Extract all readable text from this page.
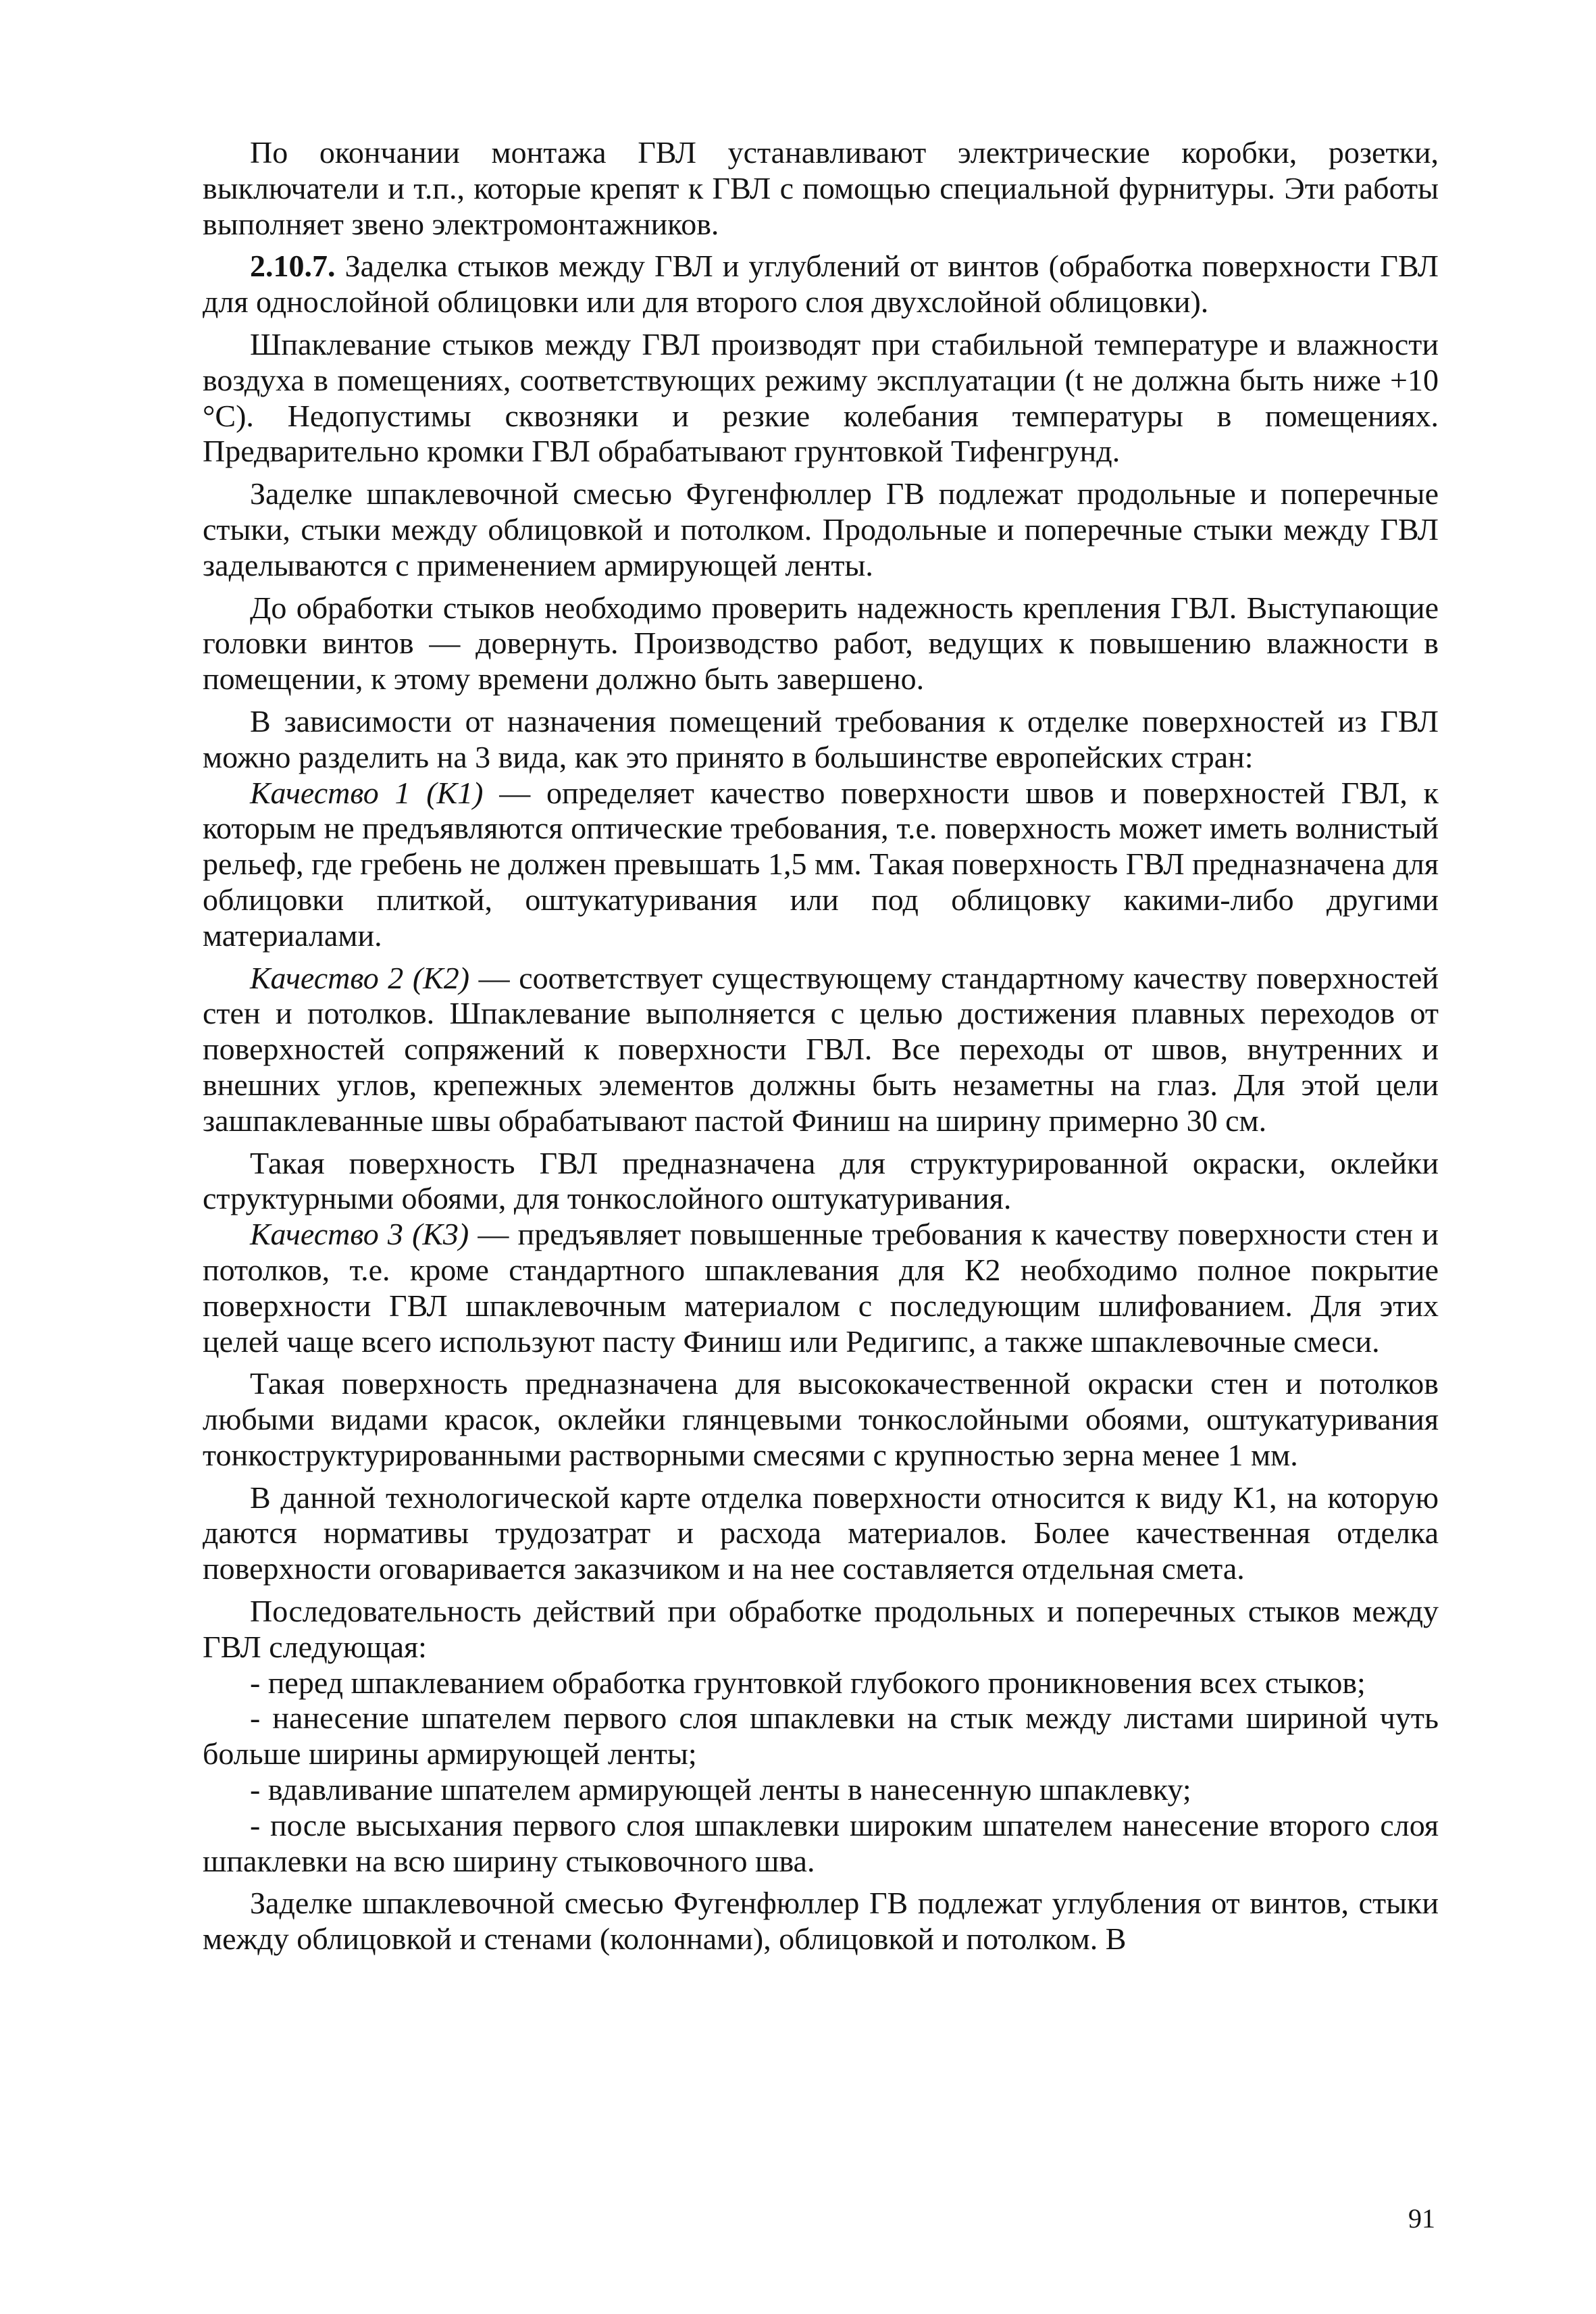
По окончании монтажа ГВЛ устанавливают электрические коробки, розетки, выключатели и т.п., которые крепят к ГВЛ с помощью специальной фурнитуры. Эти работы выполняет звено электромонтажников.

2.10.7. Заделка стыков между ГВЛ и углублений от винтов (обработка поверхности ГВЛ для однослойной облицовки или для второго слоя двухслойной облицовки).

Шпаклевание стыков между ГВЛ производят при стабильной температуре и влажности воздуха в помещениях, соответствующих режиму эксплуатации (t не должна быть ниже +10 °С). Недопустимы сквозняки и резкие колебания температуры в помещениях. Предварительно кромки ГВЛ обрабатывают грунтовкой Тифенгрунд.

Заделке шпаклевочной смесью Фугенфюллер ГВ подлежат продольные и поперечные стыки, стыки между облицовкой и потолком. Продольные и поперечные стыки между ГВЛ заделываются с применением армирующей ленты.

До обработки стыков необходимо проверить надежность крепления ГВЛ. Выступающие головки винтов — довернуть. Производство работ, ведущих к повышению влажности в помещении, к этому времени должно быть завершено.

В зависимости от назначения помещений требования к отделке поверхностей из ГВЛ можно разделить на 3 вида, как это принято в большинстве европейских стран:

Качество 1 (К1) — определяет качество поверхности швов и поверхностей ГВЛ, к которым не предъявляются оптические требования, т.е. поверхность может иметь волнистый рельеф, где гребень не должен превышать 1,5 мм. Такая поверхность ГВЛ предназначена для облицовки плиткой, оштукатуривания или под облицовку какими-либо другими материалами.

Качество 2 (К2) — соответствует существующему стандартному качеству поверхностей стен и потолков. Шпаклевание выполняется с целью достижения плавных переходов от поверхностей сопряжений к поверхности ГВЛ. Все переходы от швов, внутренних и внешних углов, крепежных элементов должны быть незаметны на глаз. Для этой цели зашпаклеванные швы обрабатывают пастой Финиш на ширину примерно 30 см.

Такая поверхность ГВЛ предназначена для структурированной окраски, оклейки структурными обоями, для тонкослойного оштукатуривания.

Качество 3 (К3) — предъявляет повышенные требования к качеству поверхности стен и потолков, т.е. кроме стандартного шпаклевания для К2 необходимо полное покрытие поверхности ГВЛ шпаклевочным материалом с последующим шлифованием. Для этих целей чаще всего используют пасту Финиш или Редигипс, а также шпаклевочные смеси.

Такая поверхность предназначена для высококачественной окраски стен и потолков любыми видами красок, оклейки глянцевыми тонкослойными обоями, оштукатуривания тонкоструктурированными растворными смесями с крупностью зерна менее 1 мм.

В данной технологической карте отделка поверхности относится к виду К1, на которую даются нормативы трудозатрат и расхода материалов. Более качественная отделка поверхности оговаривается заказчиком и на нее составляется отдельная смета.

Последовательность действий при обработке продольных и поперечных стыков между ГВЛ следующая:

- перед шпаклеванием обработка грунтовкой глубокого проникновения всех стыков;

- нанесение шпателем первого слоя шпаклевки на стык между листами шириной чуть больше ширины армирующей ленты;

- вдавливание шпателем армирующей ленты в нанесенную шпаклевку;

- после высыхания первого слоя шпаклевки широким шпателем нанесение второго слоя шпаклевки на всю ширину стыковочного шва.

Заделке шпаклевочной смесью Фугенфюллер ГВ подлежат углубления от винтов, стыки между облицовкой и стенами (колоннами), облицовкой и потолком. В

91
